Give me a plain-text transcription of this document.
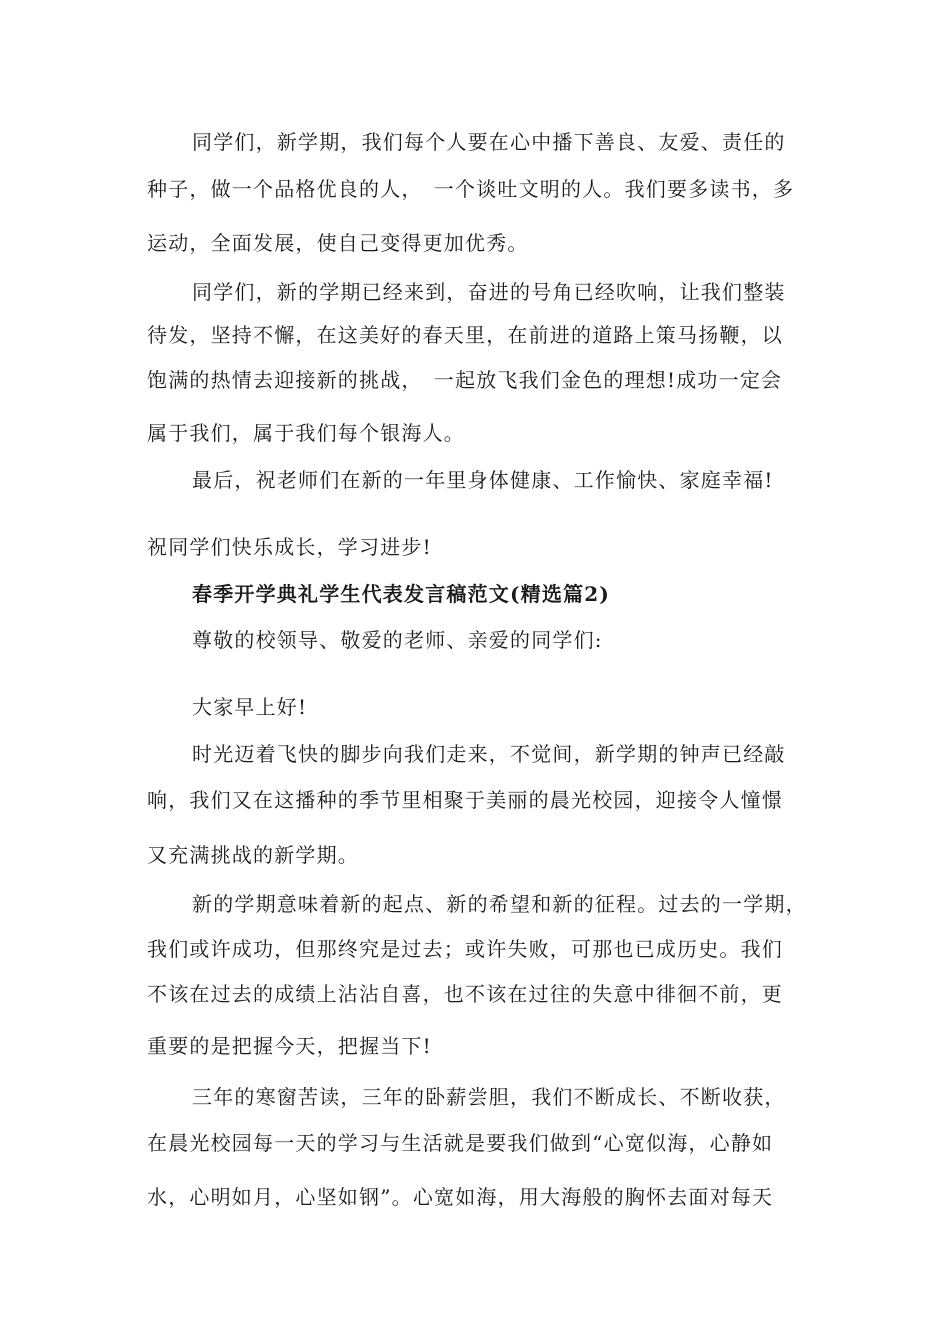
同学们，新学期，我们每个人要在心中播下善良、友爱、责任的
种子，做一个品格优良的人，　一个谈吐文明的人。我们要多读书，多
运动，全面发展，使自己变得更加优秀。
同学们，新的学期已经来到，奋进的号角已经吹响，让我们整装
待发，坚持不懈，在这美好的春天里，在前进的道路上策马扬鞭，以
饱满的热情去迎接新的挑战，　一起放飞我们金色的理想!成功一定会
属于我们，属于我们每个银海人。
最后，祝老师们在新的一年里身体健康、工作愉快、家庭幸福!
祝同学们快乐成长，学习进步!
春季开学典礼学生代表发言稿范文(精选篇2)
尊敬的校领导、敬爱的老师、亲爱的同学们:
大家早上好!
时光迈着飞快的脚步向我们走来，不觉间，新学期的钟声已经敲
响，我们又在这播种的季节里相聚于美丽的晨光校园，迎接令人憧憬
又充满挑战的新学期。
新的学期意味着新的起点、新的希望和新的征程。过去的一学期，
我们或许成功，但那终究是过去；或许失败，可那也已成历史。我们
不该在过去的成绩上沾沾自喜，也不该在过往的失意中徘徊不前，更
重要的是把握今天，把握当下!
三年的寒窗苦读，三年的卧薪尝胆，我们不断成长、不断收获，
在晨光校园每一天的学习与生活就是要我们做到“心宽似海，心静如
水，心明如月，心坚如钢”。心宽如海，用大海般的胸怀去面对每天
